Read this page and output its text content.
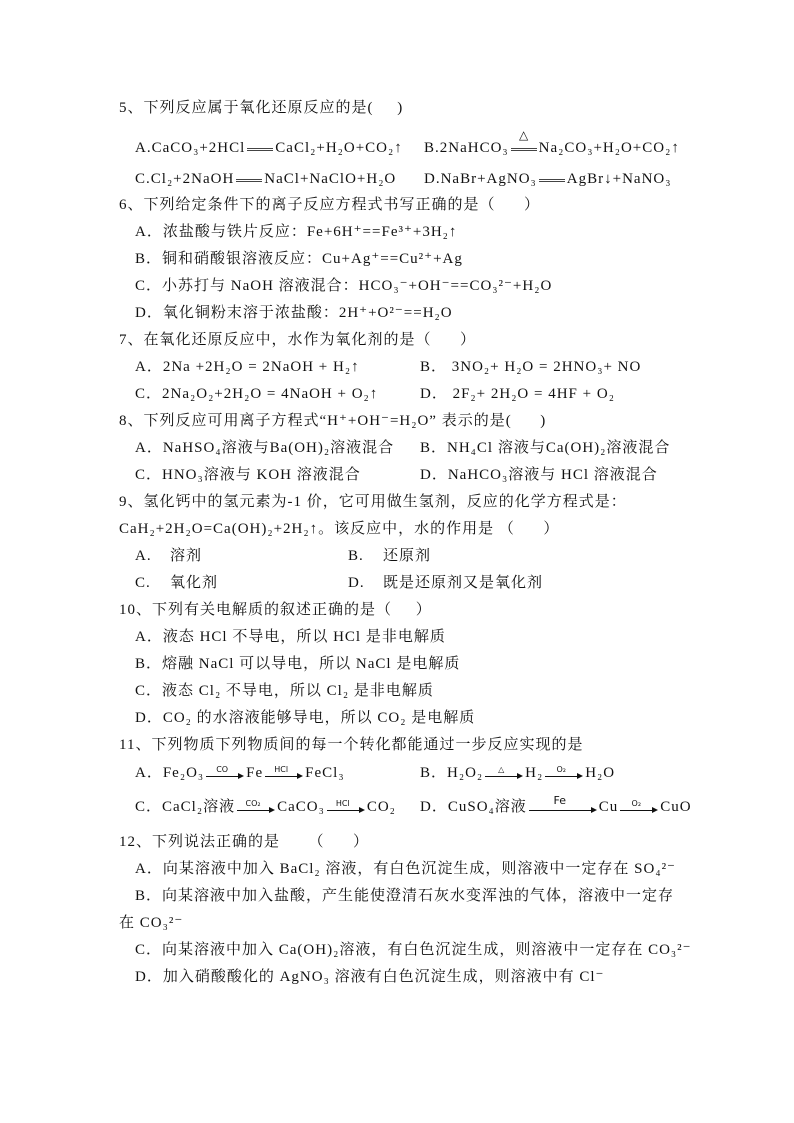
5、下列反应属于氧化还原反应的是(     )
A.CaCO₃+2HCl CaCl₂+H₂O+CO₂↑ B.2NaHCO₃
△
Na₂CO₃+H₂O+CO₂↑
C.Cl₂+2NaOH NaCl+NaClO+H₂O D.NaBr+AgNO₃ AgBr↓+NaNO₃
6、下列给定条件下的离子反应方程式书写正确的是（      ）
A．浓盐酸与铁片反应：Fe+6H⁺==Fe³⁺+3H₂↑
B．铜和硝酸银溶液反应：Cu+Ag⁺==Cu²⁺+Ag
C．小苏打与 NaOH 溶液混合：HCO₃⁻+OH⁻==CO₃²⁻+H₂O
D．氧化铜粉末溶于浓盐酸：2H⁺+O²⁻==H₂O
7、在氧化还原反应中，水作为氧化剂的是（      ）
A．2Na +2H₂O = 2NaOH + H₂↑	B． 3NO₂+ H₂O = 2HNO₃+ NO
C．2Na₂O₂+2H₂O = 4NaOH + O₂↑	D． 2F₂+ 2H₂O = 4HF + O₂
8、下列反应可用离子方程式“H⁺+OH⁻=H₂O” 表示的是(      )
A．NaHSO₄溶液与Ba(OH)₂溶液混合 B．NH₄Cl 溶液与Ca(OH)₂溶液混合
C．HNO₃溶液与 KOH 溶液混合	D．NaHCO₃溶液与 HCl 溶液混合
9、氢化钙中的氢元素为-1 价，它可用做生氢剂，反应的化学方程式是：
CaH₂+2H₂O=Ca(OH)₂+2H₂↑。该反应中，水的作用是 （      ）
A. 溶剂	B. 还原剂
C. 氧化剂	D. 既是还原剂又是氧化剂
10、下列有关电解质的叙述正确的是（     ）
A．液态 HCl 不导电，所以 HCl 是非电解质
B．熔融 NaCl 可以导电，所以 NaCl 是电解质
C．液态 Cl₂ 不导电，所以 Cl₂ 是非电解质
D．CO₂ 的水溶液能够导电，所以 CO₂ 是电解质
11、下列物质下列物质间的每一个转化都能通过一步反应实现的是
A．Fe₂O₃	CO	Fe	HCl	FeCl₃	B．H₂O₂	△	H₂	O₂	H₂O
C．CaCl₂溶液	CO₂	CaCO₃	HCl	CO₂ D．CuSO₄溶液	Fe	Cu	O₂	CuO
12、下列说法正确的是      （      ）
A．向某溶液中加入 BaCl₂ 溶液，有白色沉淀生成，则溶液中一定存在 SO₄²⁻
B．向某溶液中加入盐酸，产生能使澄清石灰水变浑浊的气体，溶液中一定存
在 CO₃²⁻
C．向某溶液中加入 Ca(OH)₂溶液，有白色沉淀生成，则溶液中一定存在 CO₃²⁻
D．加入硝酸酸化的 AgNO₃ 溶液有白色沉淀生成，则溶液中有 Cl⁻
